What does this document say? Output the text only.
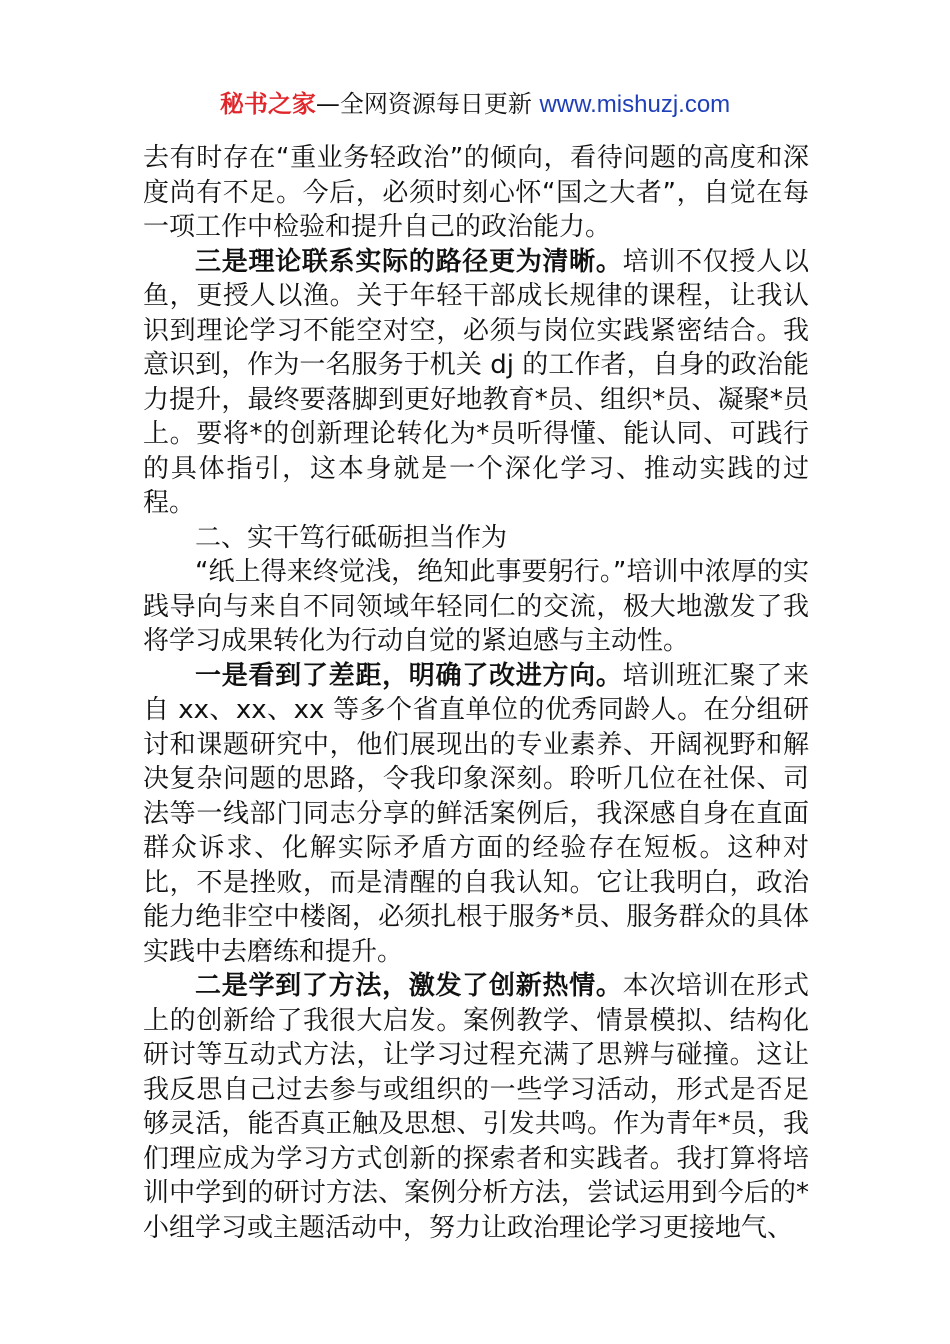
秘书之家—全网资源每日更新 www.mishuzj.com

去有时存在“重业务轻政治”的倾向，看待问题的高度和深度尚有不足。今后，必须时刻心怀“国之大者”，自觉在每一项工作中检验和提升自己的政治能力。

三是理论联系实际的路径更为清晰。培训不仅授人以鱼，更授人以渔。关于年轻干部成长规律的课程，让我认识到理论学习不能空对空，必须与岗位实践紧密结合。我意识到，作为一名服务于机关 dj 的工作者，自身的政治能力提升，最终要落脚到更好地教育*员、组织*员、凝聚*员上。要将*的创新理论转化为*员听得懂、能认同、可践行的具体指引，这本身就是一个深化学习、推动实践的过程。

二、实干笃行砥砺担当作为

“纸上得来终觉浅，绝知此事要躬行。”培训中浓厚的实践导向与来自不同领域年轻同仁的交流，极大地激发了我将学习成果转化为行动自觉的紧迫感与主动性。

一是看到了差距，明确了改进方向。培训班汇聚了来自 xx、xx、xx 等多个省直单位的优秀同龄人。在分组研讨和课题研究中，他们展现出的专业素养、开阔视野和解决复杂问题的思路，令我印象深刻。聆听几位在社保、司法等一线部门同志分享的鲜活案例后，我深感自身在直面群众诉求、化解实际矛盾方面的经验存在短板。这种对比，不是挫败，而是清醒的自我认知。它让我明白，政治能力绝非空中楼阁，必须扎根于服务*员、服务群众的具体实践中去磨练和提升。

二是学到了方法，激发了创新热情。本次培训在形式上的创新给了我很大启发。案例教学、情景模拟、结构化研讨等互动式方法，让学习过程充满了思辨与碰撞。这让我反思自己过去参与或组织的一些学习活动，形式是否足够灵活，能否真正触及思想、引发共鸣。作为青年*员，我们理应成为学习方式创新的探索者和实践者。我打算将培训中学到的研讨方法、案例分析方法，尝试运用到今后的*小组学习或主题活动中，努力让政治理论学习更接地气、
